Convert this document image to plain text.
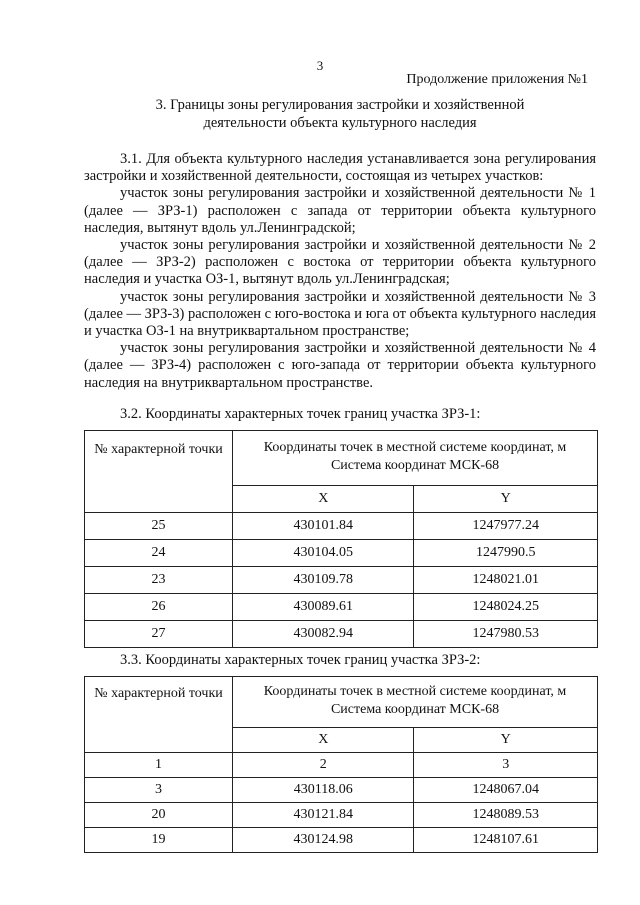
3
Продолжение приложения №1
3. Границы зоны регулирования застройки и хозяйственной
деятельности объекта культурного наследия

3.1. Для объекта культурного наследия устанавливается зона регулирования застройки и хозяйственной деятельности, состоящая из четырех участков:

участок зоны регулирования застройки и хозяйственной деятельности № 1 (далее — ЗРЗ-1) расположен с запада от территории объекта культурного наследия, вытянут вдоль ул.Ленинградской;

участок зоны регулирования застройки и хозяйственной деятельности № 2 (далее — ЗРЗ-2) расположен с востока от территории объекта культурного наследия и участка ОЗ-1, вытянут вдоль ул.Ленинградская;

участок зоны регулирования застройки и хозяйственной деятельности № 3 (далее — ЗРЗ-3) расположен с юго-востока и юга от объекта культурного наследия и участка ОЗ-1 на внутриквартальном пространстве;

участок зоны регулирования застройки и хозяйственной деятельности № 4 (далее — ЗРЗ-4) расположен с юго-запада от территории объекта культурного наследия на внутриквартальном пространстве.

3.2. Координаты характерных точек границ участка ЗРЗ-1:
№ характерной точки	Координаты точек в местной системе координат, м Система координат МСК-68	
	X	Y
25	430101.84	1247977.24
24	430104.05	1247990.5
23	430109.78	1248021.01
26	430089.61	1248024.25
27	430082.94	1247980.53
3.3. Координаты характерных точек границ участка ЗРЗ-2:
№ характерной точки	Координаты точек в местной системе координат, м Система координат МСК-68	
	X	Y
1	2	3
3	430118.06	1248067.04
20	430121.84	1248089.53
19	430124.98	1248107.61
